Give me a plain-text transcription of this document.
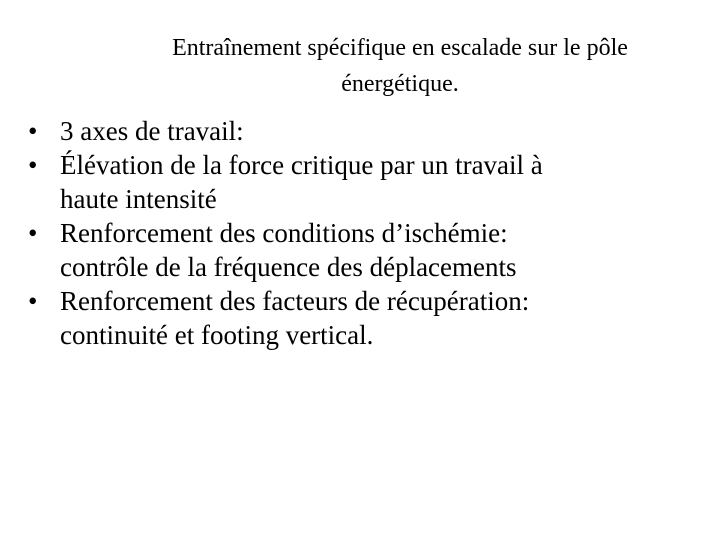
Entraînement spécifique en escalade sur le pôle
énergétique.
• 3 axes de travail:
• Élévation de la force critique par un travail à
haute intensité
• Renforcement des conditions d’ischémie:
contrôle de la fréquence des déplacements
• Renforcement des facteurs de récupération:
continuité et footing vertical.
